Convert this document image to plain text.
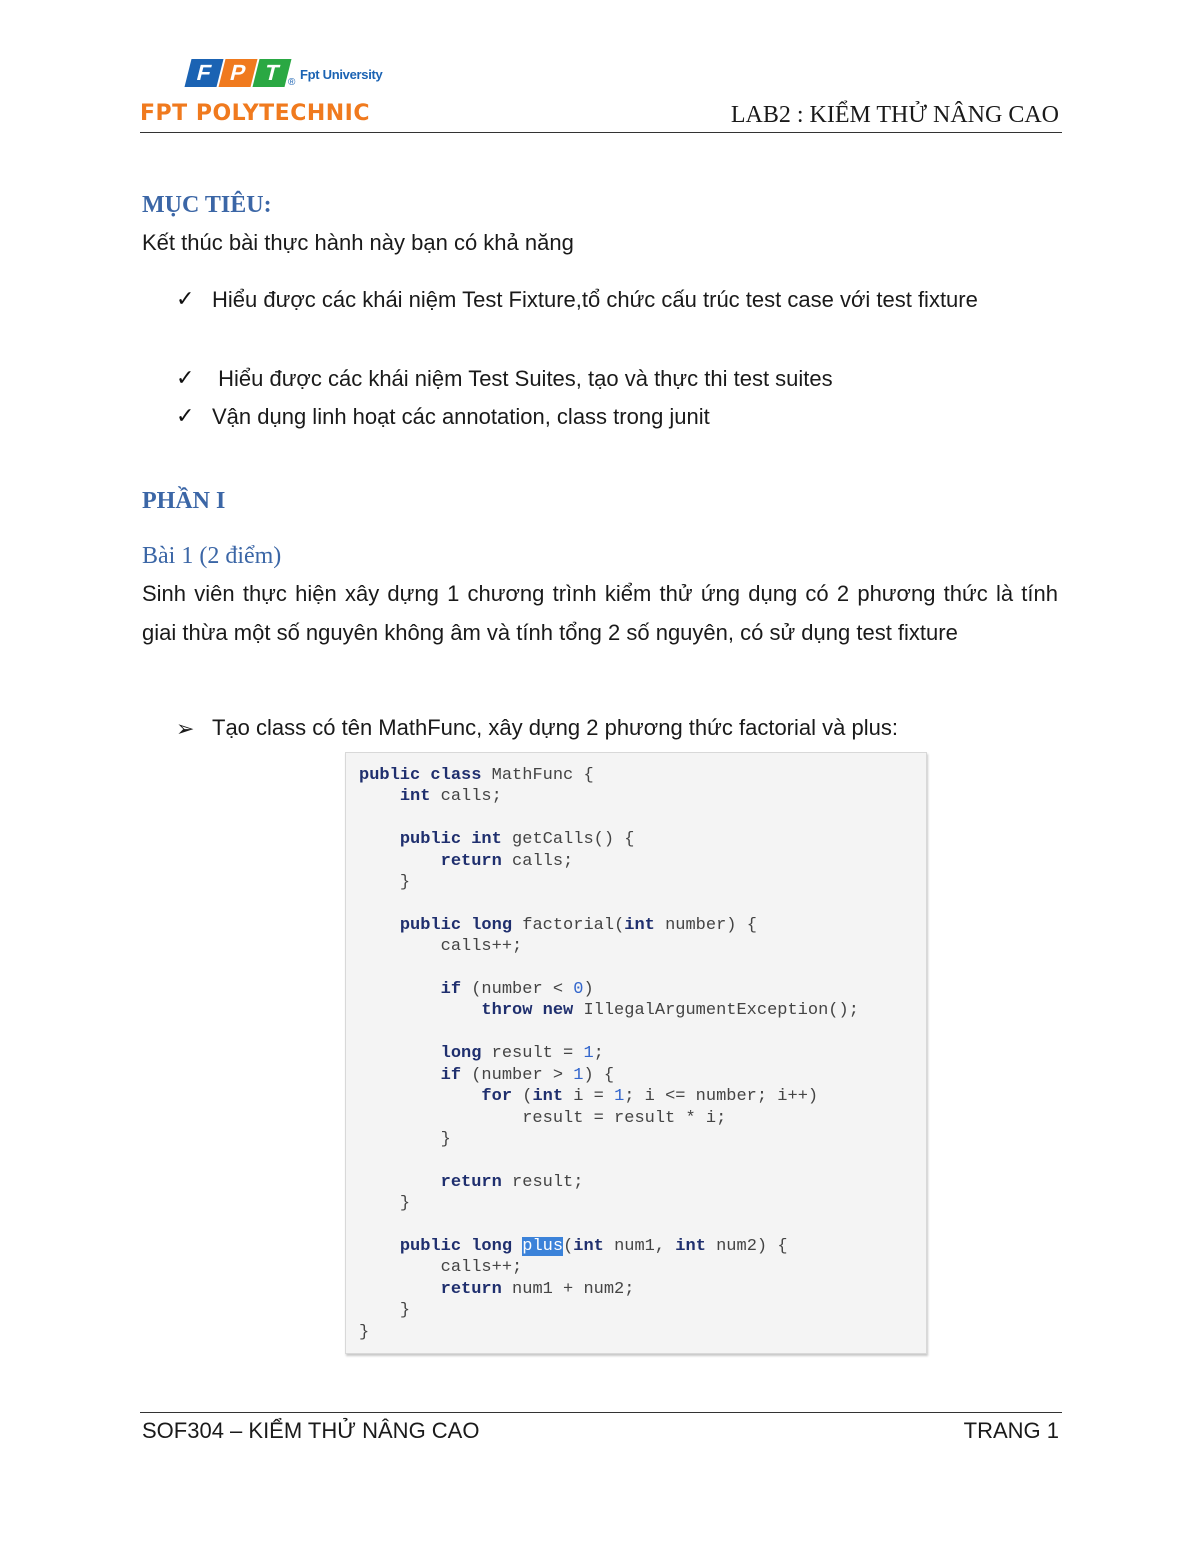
F P T ®
Fpt University
FPT POLYTECHNIC	LAB2 : KIỂM THỬ NÂNG CAO
MỤC TIÊU:
Kết thúc bài thực hành này bạn có khả năng
✓ Hiểu được các khái niệm Test Fixture,tổ chức cấu trúc test case với test fixture
✓ Hiểu được các khái niệm Test Suites, tạo và thực thi test suites
✓ Vận dụng linh hoạt các annotation, class trong junit
PHẦN I
Bài 1 (2 điểm)
Sinh viên thực hiện xây dựng 1 chương trình kiểm thử ứng dụng có 2 phương thức là tính giai thừa một số nguyên không âm và tính tổng 2 số nguyên, có sử dụng test fixture
➢ Tạo class có tên MathFunc, xây dựng 2 phương thức factorial và plus:
public class MathFunc {
int calls;

public int getCalls() {
return calls;
}

public long factorial(int number) {
calls++;

if (number < 0)
throw new IllegalArgumentException();

long result = 1;
if (number > 1) {
for (int i = 1; i <= number; i++)
result = result * i;
}

return result;
}

public long plus(int num1, int num2) {
calls++;
return num1 + num2;
}
}
SOF304 – KIỂM THỬ NÂNG CAO	TRANG 1
